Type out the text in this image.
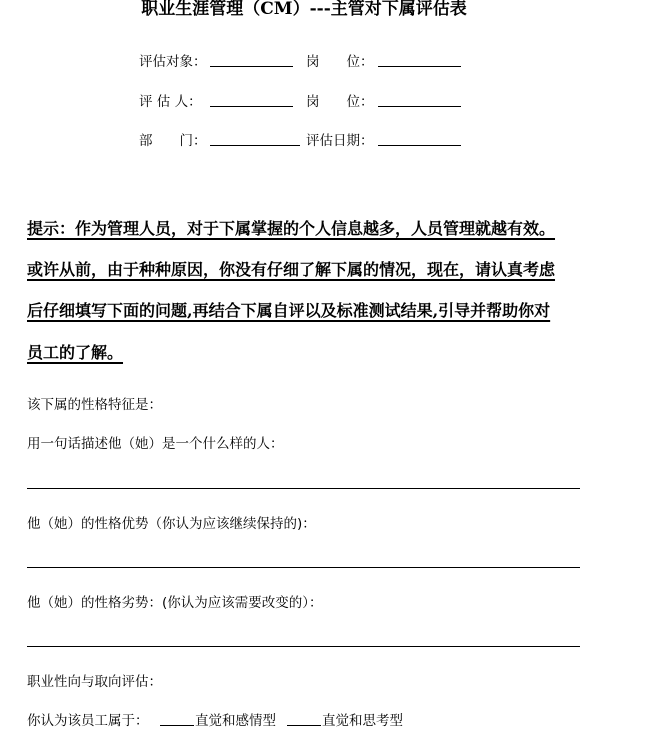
职业生涯管理（CM）---主管对下属评估表
评估对象：	岗　　位：
评 估 人：	岗　　位：
部　　门：	评估日期：
提示：作为管理人员，对于下属掌握的个人信息越多，人员管理就越有效。
或许从前，由于种种原因，你没有仔细了解下属的情况，现在，请认真考虑
后仔细填写下面的问题,再结合下属自评以及标准测试结果,引导并帮助你对
员工的了解。
该下属的性格特征是：
用一句话描述他（她）是一个什么样的人：
他（她）的性格优势（你认为应该继续保持的)：
他（她）的性格劣势：(你认为应该需要改变的）：
职业性向与取向评估：
你认为该员工属于：	直觉和感情型	直觉和思考型
